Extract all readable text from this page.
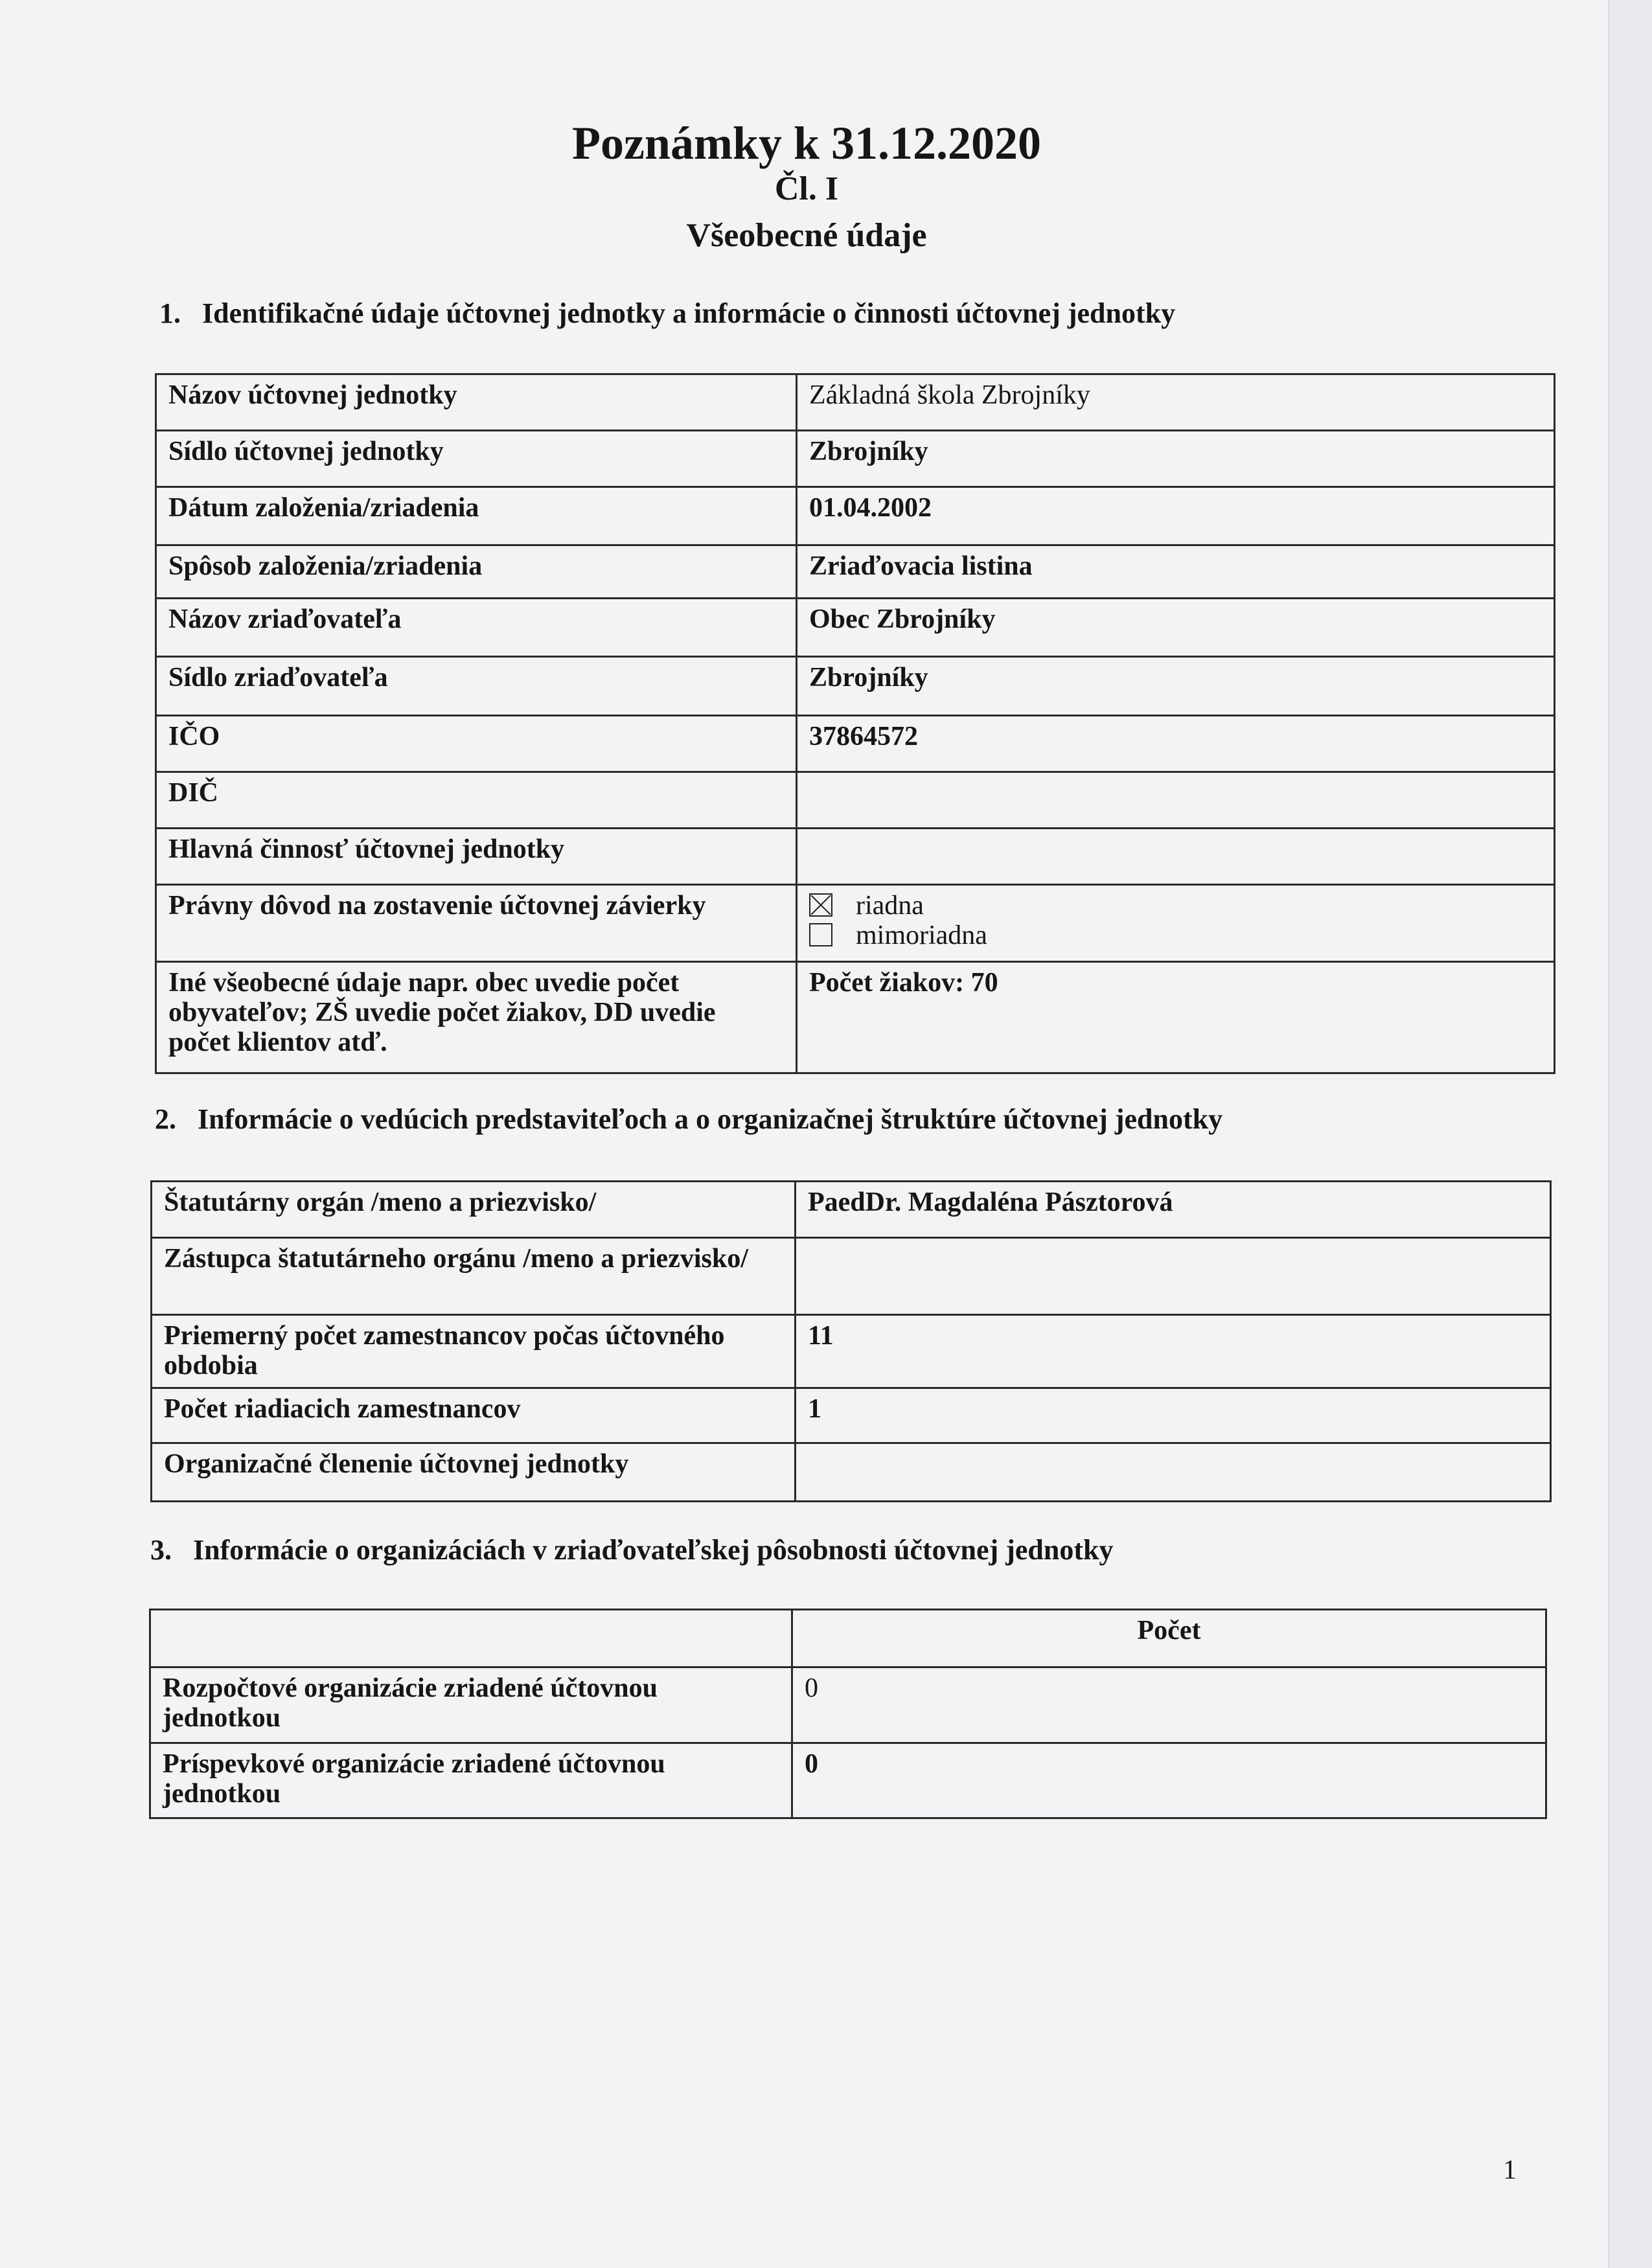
Poznámky k 31.12.2020
Čl. I
Všeobecné údaje
1. Identifikačné údaje účtovnej jednotky a informácie o činnosti účtovnej jednotky
Názov účtovnej jednotky	Základná škola Zbrojníky
Sídlo účtovnej jednotky	Zbrojníky
Dátum založenia/zriadenia	01.04.2002
Spôsob založenia/zriadenia	Zriaďovacia listina
Názov zriaďovateľa	Obec Zbrojníky
Sídlo zriaďovateľa	Zbrojníky
IČO	37864572
DIČ	
Hlavná činnosť účtovnej jednotky	
Právny dôvod na zostavenie účtovnej závierky	riadna
mimoriadna

Iné všeobecné údaje napr. obec uvedie počet obyvateľov; ZŠ uvedie počet žiakov, DD uvedie počet klientov atď.	Počet žiakov: 70
2. Informácie o vedúcich predstaviteľoch a o organizačnej štruktúre účtovnej jednotky
Štatutárny orgán /meno a priezvisko/	PaedDr. Magdaléna Pásztorová
Zástupca štatutárneho orgánu /meno a priezvisko/	
Priemerný počet zamestnancov počas účtovného obdobia	11
Počet riadiacich zamestnancov	1
Organizačné členenie účtovnej jednotky	
3. Informácie o organizáciách v zriaďovateľskej pôsobnosti účtovnej jednotky
	Počet
Rozpočtové organizácie zriadené účtovnou jednotkou	0
Príspevkové organizácie zriadené účtovnou jednotkou	0
1
